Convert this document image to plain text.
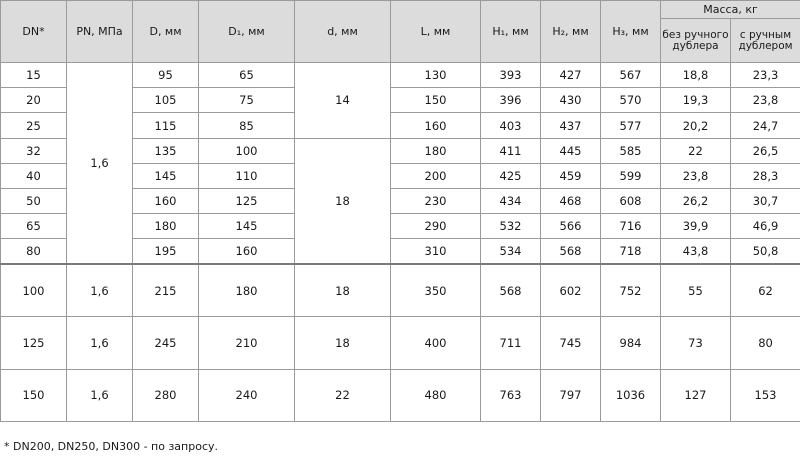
DN*	PN, МПа	D, мм	D₁, мм	d, мм	L, мм	H₁, мм	H₂, мм	H₃, мм	Масса, кг	
									без ручного дублера	с ручным дублером
15	1,6	95	65	14	130	393	427	567	18,8	23,3
20		105	75		150	396	430	570	19,3	23,8
25		115	85		160	403	437	577	20,2	24,7
32		135	100	18	180	411	445	585	22	26,5
40		145	110		200	425	459	599	23,8	28,3
50		160	125		230	434	468	608	26,2	30,7
65		180	145		290	532	566	716	39,9	46,9
80		195	160		310	534	568	718	43,8	50,8
100	1,6	215	180	18	350	568	602	752	55	62
125	1,6	245	210	18	400	711	745	984	73	80
150	1,6	280	240	22	480	763	797	1036	127	153
* DN200, DN250, DN300 - по запросу.
